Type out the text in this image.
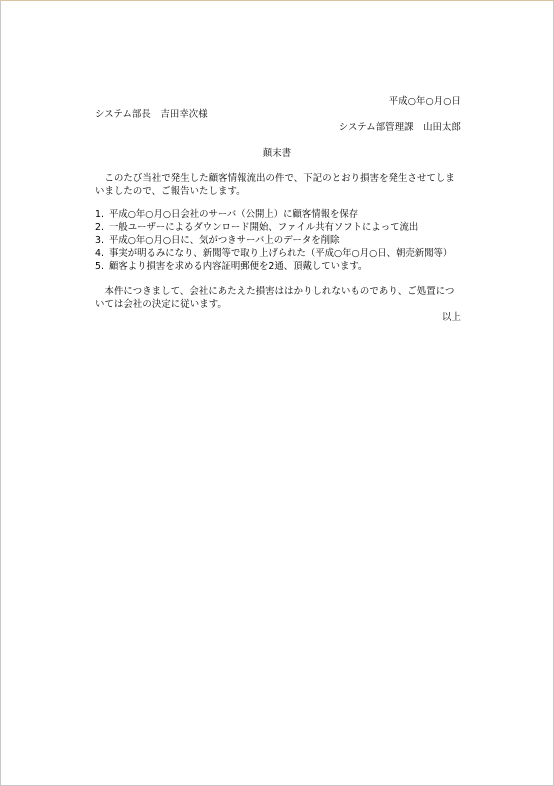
平成○年○月○日
システム部長　吉田幸次様
システム部管理課　山田太郎
顛末書
　このたび当社で発生した顧客情報流出の件で、下記のとおり損害を発生させてしま
いましたので、ご報告いたします。
1. 平成○年○月○日会社のサーバ（公開上）に顧客情報を保存
2. 一般ユーザーによるダウンロード開始、ファイル共有ソフトによって流出
3. 平成○年○月○日に、気がつきサーバ上のデータを削除
4. 事実が明るみになり、新聞等で取り上げられた（平成○年○月○日、朝売新聞等）
5. 顧客より損害を求める内容証明郵便を2通、頂戴しています。
　本件につきまして、会社にあたえた損害ははかりしれないものであり、ご処置につ
いては会社の決定に従います。
以上
